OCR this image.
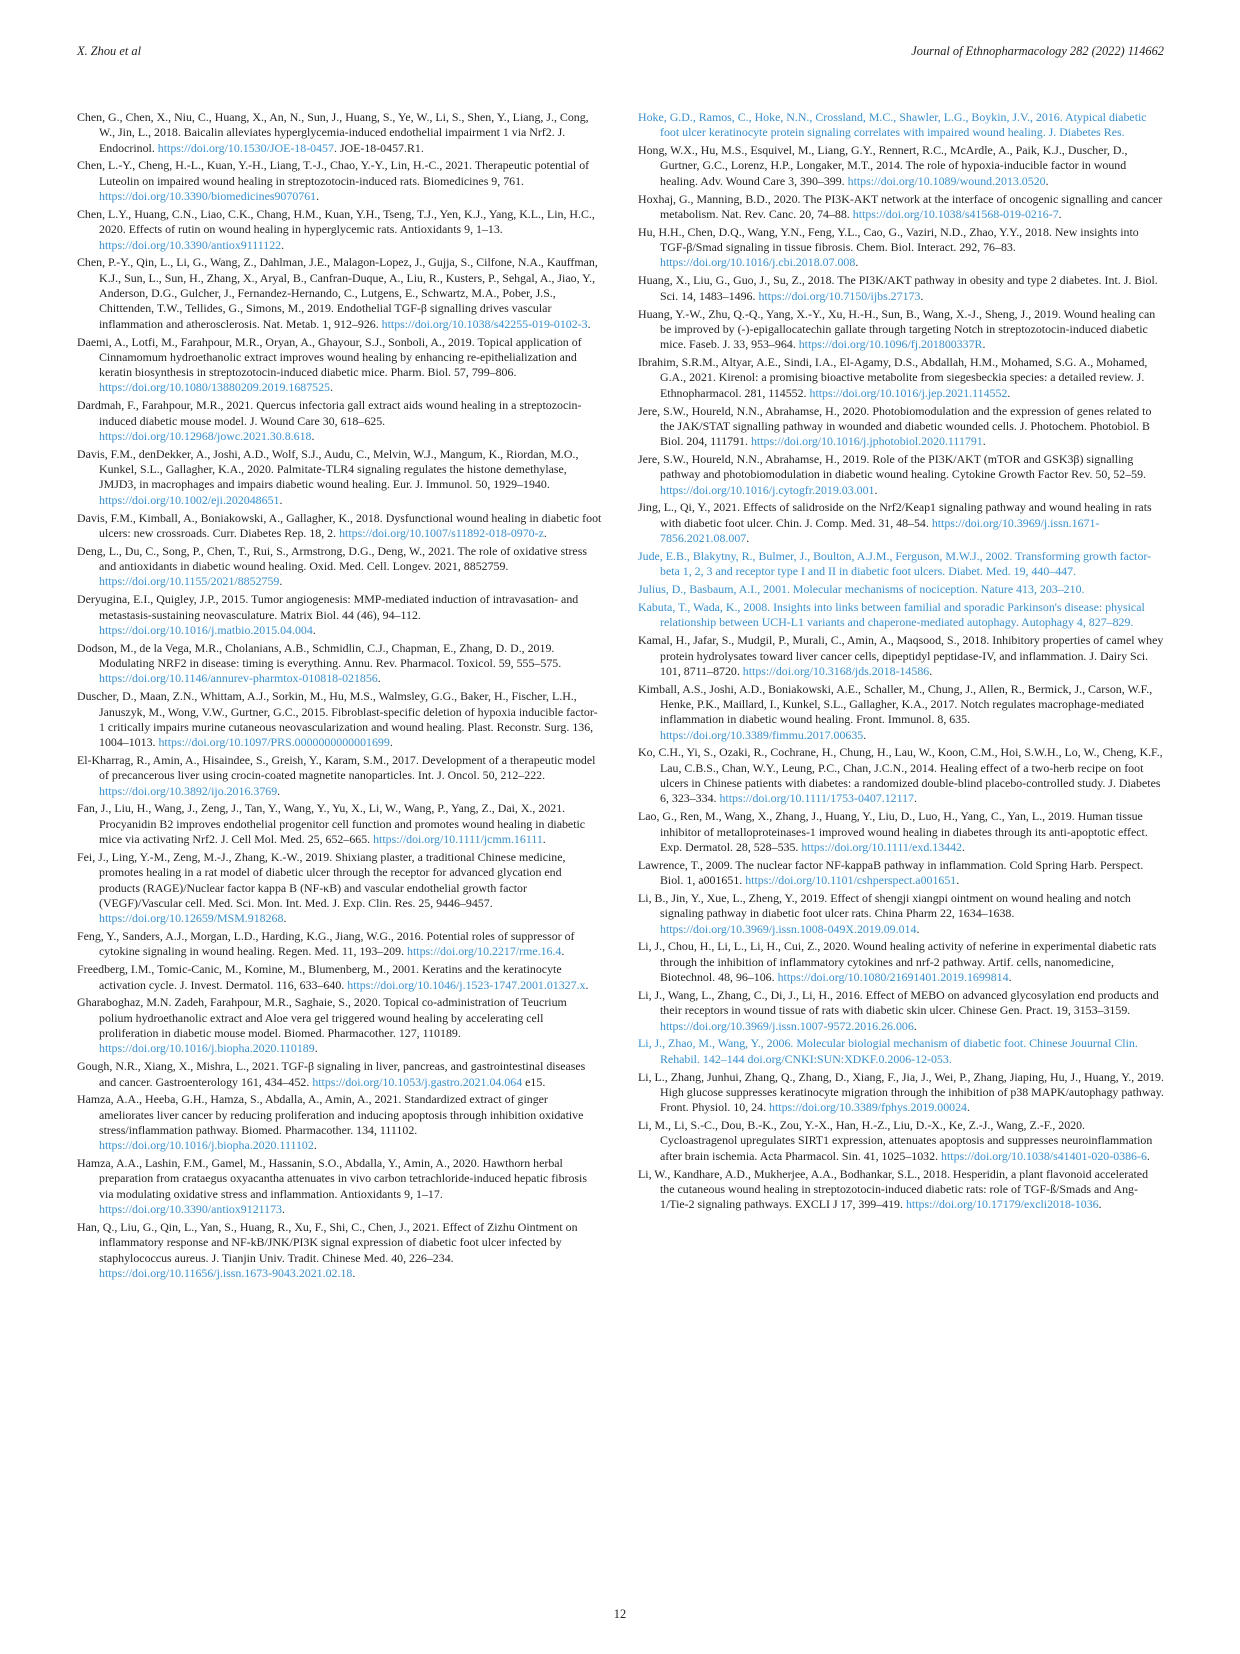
X. Zhou et al	Journal of Ethnopharmacology 282 (2022) 114662

Chen, G., Chen, X., Niu, C., Huang, X., An, N., Sun, J., Huang, S., Ye, W., Li, S., Shen, Y., Liang, J., Cong, W., Jin, L., 2018. Baicalin alleviates hyperglycemia-induced endothelial impairment 1 via Nrf2. J. Endocrinol. https://doi.org/10.1530/JOE-18-0457. JOE-18-0457.R1.

Chen, L.-Y., Cheng, H.-L., Kuan, Y.-H., Liang, T.-J., Chao, Y.-Y., Lin, H.-C., 2021. Therapeutic potential of Luteolin on impaired wound healing in streptozotocin-induced rats. Biomedicines 9, 761. https://doi.org/10.3390/biomedicines9070761.

Chen, L.Y., Huang, C.N., Liao, C.K., Chang, H.M., Kuan, Y.H., Tseng, T.J., Yen, K.J., Yang, K.L., Lin, H.C., 2020. Effects of rutin on wound healing in hyperglycemic rats. Antioxidants 9, 1–13. https://doi.org/10.3390/antiox9111122.

Chen, P.-Y., Qin, L., Li, G., Wang, Z., Dahlman, J.E., Malagon-Lopez, J., Gujja, S., Cilfone, N.A., Kauffman, K.J., Sun, L., Sun, H., Zhang, X., Aryal, B., Canfran-Duque, A., Liu, R., Kusters, P., Sehgal, A., Jiao, Y., Anderson, D.G., Gulcher, J., Fernandez-Hernando, C., Lutgens, E., Schwartz, M.A., Pober, J.S., Chittenden, T.W., Tellides, G., Simons, M., 2019. Endothelial TGF-β signalling drives vascular inflammation and atherosclerosis. Nat. Metab. 1, 912–926. https://doi.org/10.1038/s42255-019-0102-3.

Daemi, A., Lotfi, M., Farahpour, M.R., Oryan, A., Ghayour, S.J., Sonboli, A., 2019. Topical application of Cinnamomum hydroethanolic extract improves wound healing by enhancing re-epithelialization and keratin biosynthesis in streptozotocin-induced diabetic mice. Pharm. Biol. 57, 799–806. https://doi.org/10.1080/13880209.2019.1687525.

Dardmah, F., Farahpour, M.R., 2021. Quercus infectoria gall extract aids wound healing in a streptozocin-induced diabetic mouse model. J. Wound Care 30, 618–625. https://doi.org/10.12968/jowc.2021.30.8.618.

Davis, F.M., denDekker, A., Joshi, A.D., Wolf, S.J., Audu, C., Melvin, W.J., Mangum, K., Riordan, M.O., Kunkel, S.L., Gallagher, K.A., 2020. Palmitate-TLR4 signaling regulates the histone demethylase, JMJD3, in macrophages and impairs diabetic wound healing. Eur. J. Immunol. 50, 1929–1940. https://doi.org/10.1002/eji.202048651.

Davis, F.M., Kimball, A., Boniakowski, A., Gallagher, K., 2018. Dysfunctional wound healing in diabetic foot ulcers: new crossroads. Curr. Diabetes Rep. 18, 2. https://doi.org/10.1007/s11892-018-0970-z.

Deng, L., Du, C., Song, P., Chen, T., Rui, S., Armstrong, D.G., Deng, W., 2021. The role of oxidative stress and antioxidants in diabetic wound healing. Oxid. Med. Cell. Longev. 2021, 8852759. https://doi.org/10.1155/2021/8852759.

Deryugina, E.I., Quigley, J.P., 2015. Tumor angiogenesis: MMP-mediated induction of intravasation- and metastasis-sustaining neovasculature. Matrix Biol. 44 (46), 94–112. https://doi.org/10.1016/j.matbio.2015.04.004.

Dodson, M., de la Vega, M.R., Cholanians, A.B., Schmidlin, C.J., Chapman, E., Zhang, D. D., 2019. Modulating NRF2 in disease: timing is everything. Annu. Rev. Pharmacol. Toxicol. 59, 555–575. https://doi.org/10.1146/annurev-pharmtox-010818-021856.

Duscher, D., Maan, Z.N., Whittam, A.J., Sorkin, M., Hu, M.S., Walmsley, G.G., Baker, H., Fischer, L.H., Januszyk, M., Wong, V.W., Gurtner, G.C., 2015. Fibroblast-specific deletion of hypoxia inducible factor-1 critically impairs murine cutaneous neovascularization and wound healing. Plast. Reconstr. Surg. 136, 1004–1013. https://doi.org/10.1097/PRS.0000000000001699.

El-Kharrag, R., Amin, A., Hisaindee, S., Greish, Y., Karam, S.M., 2017. Development of a therapeutic model of precancerous liver using crocin-coated magnetite nanoparticles. Int. J. Oncol. 50, 212–222. https://doi.org/10.3892/ijo.2016.3769.

Fan, J., Liu, H., Wang, J., Zeng, J., Tan, Y., Wang, Y., Yu, X., Li, W., Wang, P., Yang, Z., Dai, X., 2021. Procyanidin B2 improves endothelial progenitor cell function and promotes wound healing in diabetic mice via activating Nrf2. J. Cell Mol. Med. 25, 652–665. https://doi.org/10.1111/jcmm.16111.

Fei, J., Ling, Y.-M., Zeng, M.-J., Zhang, K.-W., 2019. Shixiang plaster, a traditional Chinese medicine, promotes healing in a rat model of diabetic ulcer through the receptor for advanced glycation end products (RAGE)/Nuclear factor kappa B (NF-κB) and vascular endothelial growth factor (VEGF)/Vascular cell. Med. Sci. Mon. Int. Med. J. Exp. Clin. Res. 25, 9446–9457. https://doi.org/10.12659/MSM.918268.

Feng, Y., Sanders, A.J., Morgan, L.D., Harding, K.G., Jiang, W.G., 2016. Potential roles of suppressor of cytokine signaling in wound healing. Regen. Med. 11, 193–209. https://doi.org/10.2217/rme.16.4.

Freedberg, I.M., Tomic-Canic, M., Komine, M., Blumenberg, M., 2001. Keratins and the keratinocyte activation cycle. J. Invest. Dermatol. 116, 633–640. https://doi.org/10.1046/j.1523-1747.2001.01327.x.

Gharaboghaz, M.N. Zadeh, Farahpour, M.R., Saghaie, S., 2020. Topical co-administration of Teucrium polium hydroethanolic extract and Aloe vera gel triggered wound healing by accelerating cell proliferation in diabetic mouse model. Biomed. Pharmacother. 127, 110189. https://doi.org/10.1016/j.biopha.2020.110189.

Gough, N.R., Xiang, X., Mishra, L., 2021. TGF-β signaling in liver, pancreas, and gastrointestinal diseases and cancer. Gastroenterology 161, 434–452. https://doi.org/10.1053/j.gastro.2021.04.064 e15.

Hamza, A.A., Heeba, G.H., Hamza, S., Abdalla, A., Amin, A., 2021. Standardized extract of ginger ameliorates liver cancer by reducing proliferation and inducing apoptosis through inhibition oxidative stress/inflammation pathway. Biomed. Pharmacother. 134, 111102. https://doi.org/10.1016/j.biopha.2020.111102.

Hamza, A.A., Lashin, F.M., Gamel, M., Hassanin, S.O., Abdalla, Y., Amin, A., 2020. Hawthorn herbal preparation from crataegus oxyacantha attenuates in vivo carbon tetrachloride-induced hepatic fibrosis via modulating oxidative stress and inflammation. Antioxidants 9, 1–17. https://doi.org/10.3390/antiox9121173.

Han, Q., Liu, G., Qin, L., Yan, S., Huang, R., Xu, F., Shi, C., Chen, J., 2021. Effect of Zizhu Ointment on inflammatory response and NF-kB/JNK/PI3K signal expression of diabetic foot ulcer infected by staphylococcus aureus. J. Tianjin Univ. Tradit. Chinese Med. 40, 226–234. https://doi.org/10.11656/j.issn.1673-9043.2021.02.18.

Hoke, G.D., Ramos, C., Hoke, N.N., Crossland, M.C., Shawler, L.G., Boykin, J.V., 2016. Atypical diabetic foot ulcer keratinocyte protein signaling correlates with impaired wound healing. J. Diabetes Res.

Hong, W.X., Hu, M.S., Esquivel, M., Liang, G.Y., Rennert, R.C., McArdle, A., Paik, K.J., Duscher, D., Gurtner, G.C., Lorenz, H.P., Longaker, M.T., 2014. The role of hypoxia-inducible factor in wound healing. Adv. Wound Care 3, 390–399. https://doi.org/10.1089/wound.2013.0520.

Hoxhaj, G., Manning, B.D., 2020. The PI3K-AKT network at the interface of oncogenic signalling and cancer metabolism. Nat. Rev. Canc. 20, 74–88. https://doi.org/10.1038/s41568-019-0216-7.

Hu, H.H., Chen, D.Q., Wang, Y.N., Feng, Y.L., Cao, G., Vaziri, N.D., Zhao, Y.Y., 2018. New insights into TGF-β/Smad signaling in tissue fibrosis. Chem. Biol. Interact. 292, 76–83. https://doi.org/10.1016/j.cbi.2018.07.008.

Huang, X., Liu, G., Guo, J., Su, Z., 2018. The PI3K/AKT pathway in obesity and type 2 diabetes. Int. J. Biol. Sci. 14, 1483–1496. https://doi.org/10.7150/ijbs.27173.

Huang, Y.-W., Zhu, Q.-Q., Yang, X.-Y., Xu, H.-H., Sun, B., Wang, X.-J., Sheng, J., 2019. Wound healing can be improved by (-)-epigallocatechin gallate through targeting Notch in streptozotocin-induced diabetic mice. Faseb. J. 33, 953–964. https://doi.org/10.1096/fj.201800337R.

Ibrahim, S.R.M., Altyar, A.E., Sindi, I.A., El-Agamy, D.S., Abdallah, H.M., Mohamed, S.G. A., Mohamed, G.A., 2021. Kirenol: a promising bioactive metabolite from siegesbeckia species: a detailed review. J. Ethnopharmacol. 281, 114552. https://doi.org/10.1016/j.jep.2021.114552.

Jere, S.W., Houreld, N.N., Abrahamse, H., 2020. Photobiomodulation and the expression of genes related to the JAK/STAT signalling pathway in wounded and diabetic wounded cells. J. Photochem. Photobiol. B Biol. 204, 111791. https://doi.org/10.1016/j.jphotobiol.2020.111791.

Jere, S.W., Houreld, N.N., Abrahamse, H., 2019. Role of the PI3K/AKT (mTOR and GSK3β) signalling pathway and photobiomodulation in diabetic wound healing. Cytokine Growth Factor Rev. 50, 52–59. https://doi.org/10.1016/j.cytogfr.2019.03.001.

Jing, L., Qi, Y., 2021. Effects of salidroside on the Nrf2/Keap1 signaling pathway and wound healing in rats with diabetic foot ulcer. Chin. J. Comp. Med. 31, 48–54. https://doi.org/10.3969/j.issn.1671-7856.2021.08.007.

Jude, E.B., Blakytny, R., Bulmer, J., Boulton, A.J.M., Ferguson, M.W.J., 2002. Transforming growth factor-beta 1, 2, 3 and receptor type I and II in diabetic foot ulcers. Diabet. Med. 19, 440–447.

Julius, D., Basbaum, A.I., 2001. Molecular mechanisms of nociception. Nature 413, 203–210.

Kabuta, T., Wada, K., 2008. Insights into links between familial and sporadic Parkinson's disease: physical relationship between UCH-L1 variants and chaperone-mediated autophagy. Autophagy 4, 827–829.

Kamal, H., Jafar, S., Mudgil, P., Murali, C., Amin, A., Maqsood, S., 2018. Inhibitory properties of camel whey protein hydrolysates toward liver cancer cells, dipeptidyl peptidase-IV, and inflammation. J. Dairy Sci. 101, 8711–8720. https://doi.org/10.3168/jds.2018-14586.

Kimball, A.S., Joshi, A.D., Boniakowski, A.E., Schaller, M., Chung, J., Allen, R., Bermick, J., Carson, W.F., Henke, P.K., Maillard, I., Kunkel, S.L., Gallagher, K.A., 2017. Notch regulates macrophage-mediated inflammation in diabetic wound healing. Front. Immunol. 8, 635. https://doi.org/10.3389/fimmu.2017.00635.

Ko, C.H., Yi, S., Ozaki, R., Cochrane, H., Chung, H., Lau, W., Koon, C.M., Hoi, S.W.H., Lo, W., Cheng, K.F., Lau, C.B.S., Chan, W.Y., Leung, P.C., Chan, J.C.N., 2014. Healing effect of a two-herb recipe on foot ulcers in Chinese patients with diabetes: a randomized double-blind placebo-controlled study. J. Diabetes 6, 323–334. https://doi.org/10.1111/1753-0407.12117.

Lao, G., Ren, M., Wang, X., Zhang, J., Huang, Y., Liu, D., Luo, H., Yang, C., Yan, L., 2019. Human tissue inhibitor of metalloproteinases-1 improved wound healing in diabetes through its anti-apoptotic effect. Exp. Dermatol. 28, 528–535. https://doi.org/10.1111/exd.13442.

Lawrence, T., 2009. The nuclear factor NF-kappaB pathway in inflammation. Cold Spring Harb. Perspect. Biol. 1, a001651. https://doi.org/10.1101/cshperspect.a001651.

Li, B., Jin, Y., Xue, L., Zheng, Y., 2019. Effect of shengji xiangpi ointment on wound healing and notch signaling pathway in diabetic foot ulcer rats. China Pharm 22, 1634–1638. https://doi.org/10.3969/j.issn.1008-049X.2019.09.014.

Li, J., Chou, H., Li, L., Li, H., Cui, Z., 2020. Wound healing activity of neferine in experimental diabetic rats through the inhibition of inflammatory cytokines and nrf-2 pathway. Artif. cells, nanomedicine, Biotechnol. 48, 96–106. https://doi.org/10.1080/21691401.2019.1699814.

Li, J., Wang, L., Zhang, C., Di, J., Li, H., 2016. Effect of MEBO on advanced glycosylation end products and their receptors in wound tissue of rats with diabetic skin ulcer. Chinese Gen. Pract. 19, 3153–3159. https://doi.org/10.3969/j.issn.1007-9572.2016.26.006.

Li, J., Zhao, M., Wang, Y., 2006. Molecular biologial mechanism of diabetic foot. Chinese Jouurnal Clin. Rehabil. 142–144 doi.org/CNKI:SUN:XDKF.0.2006-12-053.

Li, L., Zhang, Junhui, Zhang, Q., Zhang, D., Xiang, F., Jia, J., Wei, P., Zhang, Jiaping, Hu, J., Huang, Y., 2019. High glucose suppresses keratinocyte migration through the inhibition of p38 MAPK/autophagy pathway. Front. Physiol. 10, 24. https://doi.org/10.3389/fphys.2019.00024.

Li, M., Li, S.-C., Dou, B.-K., Zou, Y.-X., Han, H.-Z., Liu, D.-X., Ke, Z.-J., Wang, Z.-F., 2020. Cycloastragenol upregulates SIRT1 expression, attenuates apoptosis and suppresses neuroinflammation after brain ischemia. Acta Pharmacol. Sin. 41, 1025–1032. https://doi.org/10.1038/s41401-020-0386-6.

Li, W., Kandhare, A.D., Mukherjee, A.A., Bodhankar, S.L., 2018. Hesperidin, a plant flavonoid accelerated the cutaneous wound healing in streptozotocin-induced diabetic rats: role of TGF-ß/Smads and Ang-1/Tie-2 signaling pathways. EXCLI J 17, 399–419. https://doi.org/10.17179/excli2018-1036.

12
